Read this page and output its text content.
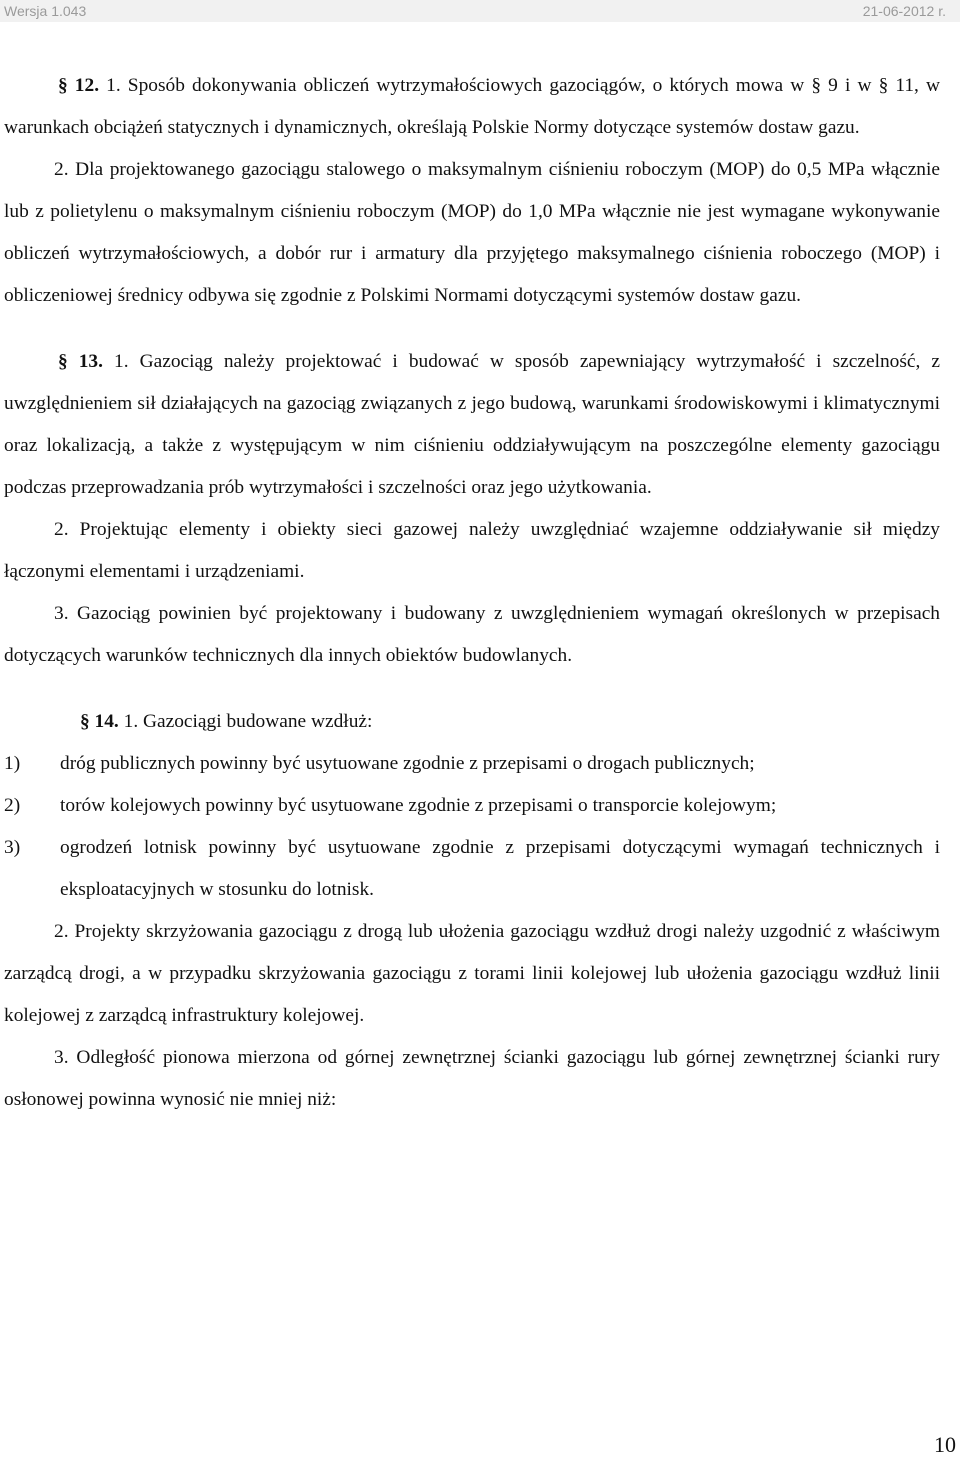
Wersja 1.043	21-06-2012 r.

§ 12. 1. Sposób dokonywania obliczeń wytrzymałościowych gazociągów, o których mowa w § 9 i w § 11, w warunkach obciążeń statycznych i dynamicznych, określają Polskie Normy dotyczące systemów dostaw gazu.

2. Dla projektowanego gazociągu stalowego o maksymalnym ciśnieniu roboczym (MOP) do 0,5 MPa włącznie lub z polietylenu o maksymalnym ciśnieniu roboczym (MOP) do 1,0 MPa włącznie nie jest wymagane wykonywanie obliczeń wytrzymałościowych, a dobór rur i armatury dla przyjętego maksymalnego ciśnienia roboczego (MOP) i obliczeniowej średnicy odbywa się zgodnie z Polskimi Normami dotyczącymi systemów dostaw gazu.

§ 13. 1. Gazociąg należy projektować i budować w sposób zapewniający wytrzymałość i szczelność, z uwzględnieniem sił działających na gazociąg związanych z jego budową, warunkami środowiskowymi i klimatycznymi oraz lokalizacją, a także z występującym w nim ciśnieniu oddziaływującym na poszczególne elementy gazociągu podczas przeprowadzania prób wytrzymałości i szczelności oraz jego użytkowania.

2. Projektując elementy i obiekty sieci gazowej należy uwzględniać wzajemne oddziaływanie sił między łączonymi elementami i urządzeniami.

3. Gazociąg powinien być projektowany i budowany z uwzględnieniem wymagań określonych w przepisach dotyczących warunków technicznych dla innych obiektów budowlanych.

§ 14. 1. Gazociągi budowane wzdłuż:

1)	dróg publicznych powinny być usytuowane zgodnie z przepisami o drogach publicznych;
2)	torów kolejowych powinny być usytuowane zgodnie z przepisami o transporcie kolejowym;
3)	ogrodzeń lotnisk powinny być usytuowane zgodnie z przepisami dotyczącymi wymagań technicznych i eksploatacyjnych w stosunku do lotnisk.

2. Projekty skrzyżowania gazociągu z drogą lub ułożenia gazociągu wzdłuż drogi należy uzgodnić z właściwym zarządcą drogi, a w przypadku skrzyżowania gazociągu z torami linii kolejowej lub ułożenia gazociągu wzdłuż linii kolejowej z zarządcą infrastruktury kolejowej.

3. Odległość pionowa mierzona od górnej zewnętrznej ścianki gazociągu lub górnej zewnętrznej ścianki rury osłonowej powinna wynosić nie mniej niż:

10
